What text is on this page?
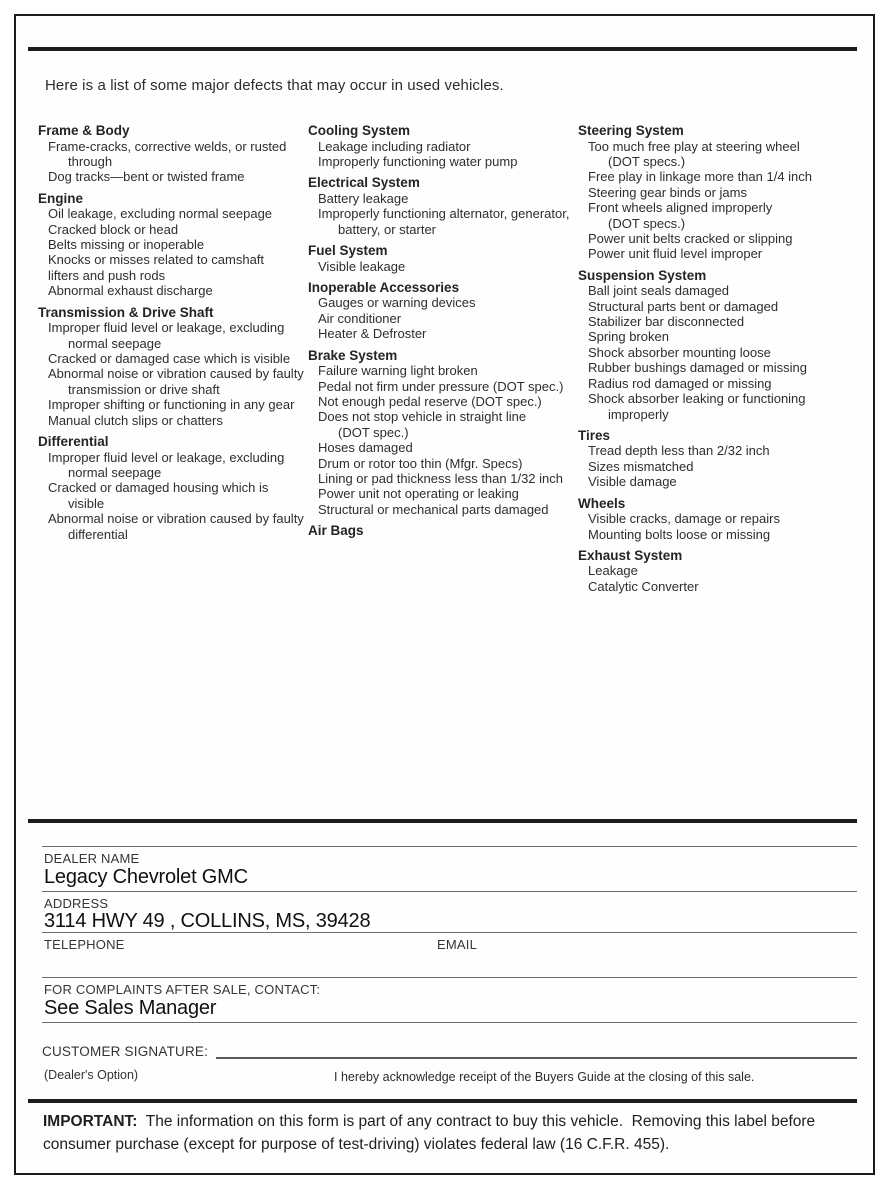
Here is a list of some major defects that may occur in used vehicles.
Frame & Body
Frame-cracks, corrective welds, or rusted
through
Dog tracks—bent or twisted frame
Engine
Oil leakage, excluding normal seepage
Cracked block or head
Belts missing or inoperable
Knocks or misses related to camshaft
lifters and push rods
Abnormal exhaust discharge
Transmission & Drive Shaft
Improper fluid level or leakage, excluding
normal seepage
Cracked or damaged case which is visible
Abnormal noise or vibration caused by faulty
transmission or drive shaft
Improper shifting or functioning in any gear
Manual clutch slips or chatters
Differential
Improper fluid level or leakage, excluding
normal seepage
Cracked or damaged housing which is
visible
Abnormal noise or vibration caused by faulty
differential
Cooling System
Leakage including radiator
Improperly functioning water pump
Electrical System
Battery leakage
Improperly functioning alternator, generator,
battery, or starter
Fuel System
Visible leakage
Inoperable Accessories
Gauges or warning devices
Air conditioner
Heater & Defroster
Brake System
Failure warning light broken
Pedal not firm under pressure (DOT spec.)
Not enough pedal reserve (DOT spec.)
Does not stop vehicle in straight line
(DOT spec.)
Hoses damaged
Drum or rotor too thin (Mfgr. Specs)
Lining or pad thickness less than 1/32 inch
Power unit not operating or leaking
Structural or mechanical parts damaged
Air Bags
Steering System
Too much free play at steering wheel
(DOT specs.)
Free play in linkage more than 1/4 inch
Steering gear binds or jams
Front wheels aligned improperly
(DOT specs.)
Power unit belts cracked or slipping
Power unit fluid level improper
Suspension System
Ball joint seals damaged
Structural parts bent or damaged
Stabilizer bar disconnected
Spring broken
Shock absorber mounting loose
Rubber bushings damaged or missing
Radius rod damaged or missing
Shock absorber leaking or functioning
improperly
Tires
Tread depth less than 2/32 inch
Sizes mismatched
Visible damage
Wheels
Visible cracks, damage or repairs
Mounting bolts loose or missing
Exhaust System
Leakage
Catalytic Converter
DEALER NAME
Legacy Chevrolet GMC
ADDRESS
3114 HWY 49 , COLLINS, MS, 39428
TELEPHONE	EMAIL
FOR COMPLAINTS AFTER SALE, CONTACT:
See Sales Manager
CUSTOMER SIGNATURE:
(Dealer's Option)	I hereby acknowledge receipt of the Buyers Guide at the closing of this sale.
IMPORTANT:  The information on this form is part of any contract to buy this vehicle.  Removing this label before consumer purchase (except for purpose of test-driving) violates federal law (16 C.F.R. 455).
